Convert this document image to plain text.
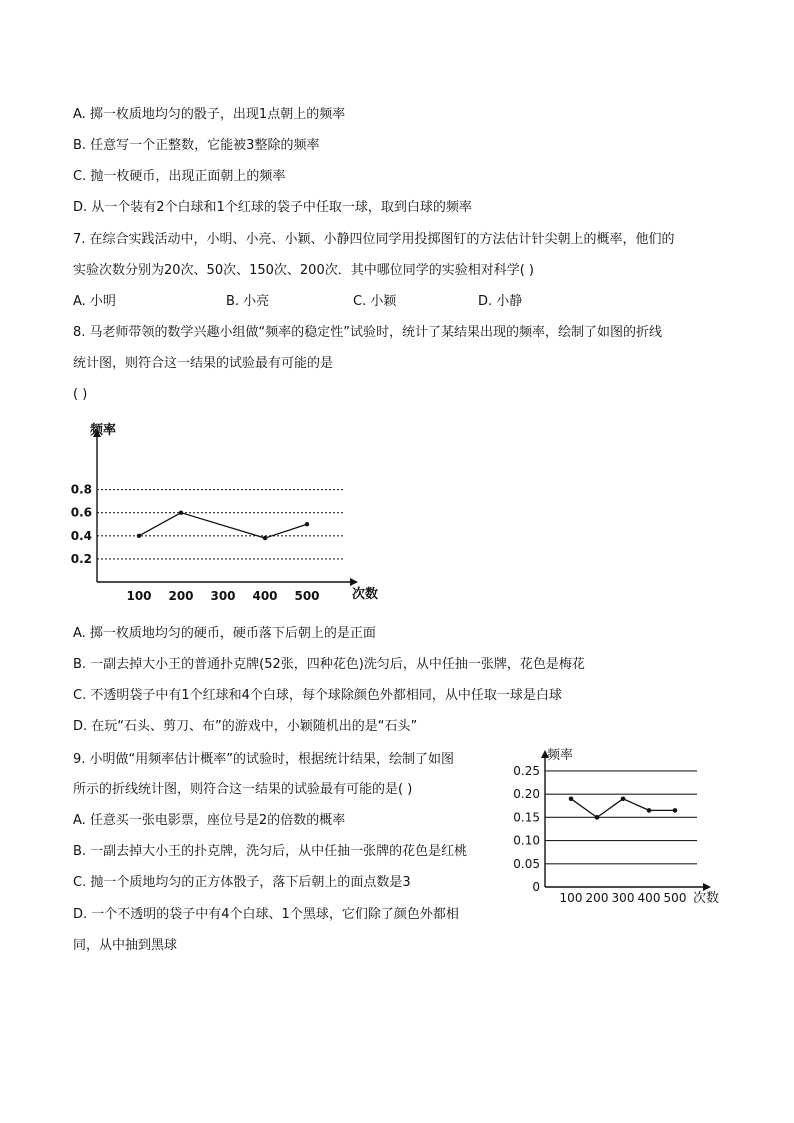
A. 掷一枚质地均匀的骰子，出现1点朝上的频率
B. 任意写一个正整数，它能被3整除的频率
C. 抛一枚硬币，出现正面朝上的频率
D. 从一个装有2个白球和1个红球的袋子中任取一球，取到白球的频率
7. 在综合实践活动中，小明、小亮、小颖、小静四位同学用投掷图钉的方法估计针尖朝上的概率，他们的
实验次数分别为20次、50次、150次、200次．其中哪位同学的实验相对科学( )
A. 小明	B. 小亮	C. 小颖	D. 小静
8. 马老师带领的数学兴趣小组做“频率的稳定性”试验时，统计了某结果出现的频率，绘制了如图的折线
统计图，则符合这一结果的试验最有可能的是
( )
0.8
0.6
0.4
0.2
100 200 300 400 500
频率
次数
A. 掷一枚质地均匀的硬币，硬币落下后朝上的是正面
B. 一副去掉大小王的普通扑克牌(52张，四种花色)洗匀后，从中任抽一张牌，花色是梅花
C. 不透明袋子中有1个红球和4个白球，每个球除颜色外都相同，从中任取一球是白球
D. 在玩“石头、剪刀、布”的游戏中，小颖随机出的是“石头”
9. 小明做“用频率估计概率”的试验时，根据统计结果，绘制了如图
所示的折线统计图，则符合这一结果的试验最有可能的是( )
A. 任意买一张电影票，座位号是2的倍数的概率
B. 一副去掉大小王的扑克牌，洗匀后，从中任抽一张牌的花色是红桃
C. 抛一个质地均匀的正方体骰子，落下后朝上的面点数是3
D. 一个不透明的袋子中有4个白球、1个黑球，它们除了颜色外都相
同，从中抽到黑球
0.25
0.20
0.15
0.10
0.05
0
100 200 300 400 500
频率
次数
